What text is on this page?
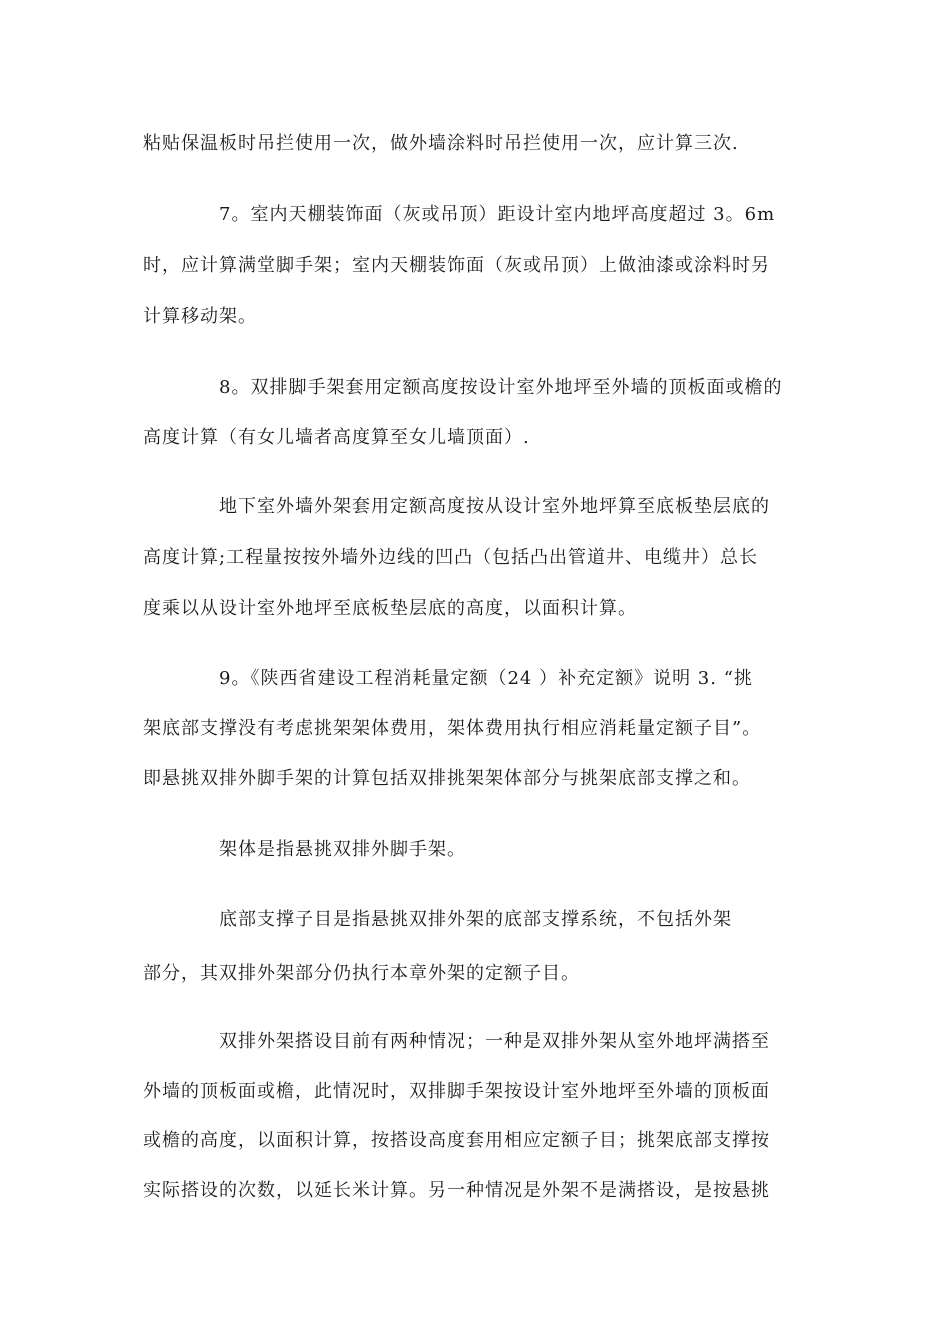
粘贴保温板时吊拦使用一次，做外墙涂料时吊拦使用一次，应计算三次.
7。室内天棚装饰面（灰或吊顶）距设计室内地坪高度超过 3。6m
时，应计算满堂脚手架；室内天棚装饰面（灰或吊顶）上做油漆或涂料时另
计算移动架。
8。双排脚手架套用定额高度按设计室外地坪至外墙的顶板面或檐的
高度计算（有女儿墙者高度算至女儿墙顶面）.
地下室外墙外架套用定额高度按从设计室外地坪算至底板垫层底的
高度计算;工程量按按外墙外边线的凹凸（包括凸出管道井、电缆井）总长
度乘以从设计室外地坪至底板垫层底的高度，以面积计算。
9。《陕西省建设工程消耗量定额（24 ）补充定额》说明 3. “挑
架底部支撑没有考虑挑架架体费用，架体费用执行相应消耗量定额子目”。
即悬挑双排外脚手架的计算包括双排挑架架体部分与挑架底部支撑之和。
架体是指悬挑双排外脚手架。
底部支撑子目是指悬挑双排外架的底部支撑系统，不包括外架
部分，其双排外架部分仍执行本章外架的定额子目。
双排外架搭设目前有两种情况；一种是双排外架从室外地坪满搭至
外墙的顶板面或檐，此情况时，双排脚手架按设计室外地坪至外墙的顶板面
或檐的高度，以面积计算，按搭设高度套用相应定额子目；挑架底部支撑按
实际搭设的次数，以延长米计算。另一种情况是外架不是满搭设，是按悬挑
